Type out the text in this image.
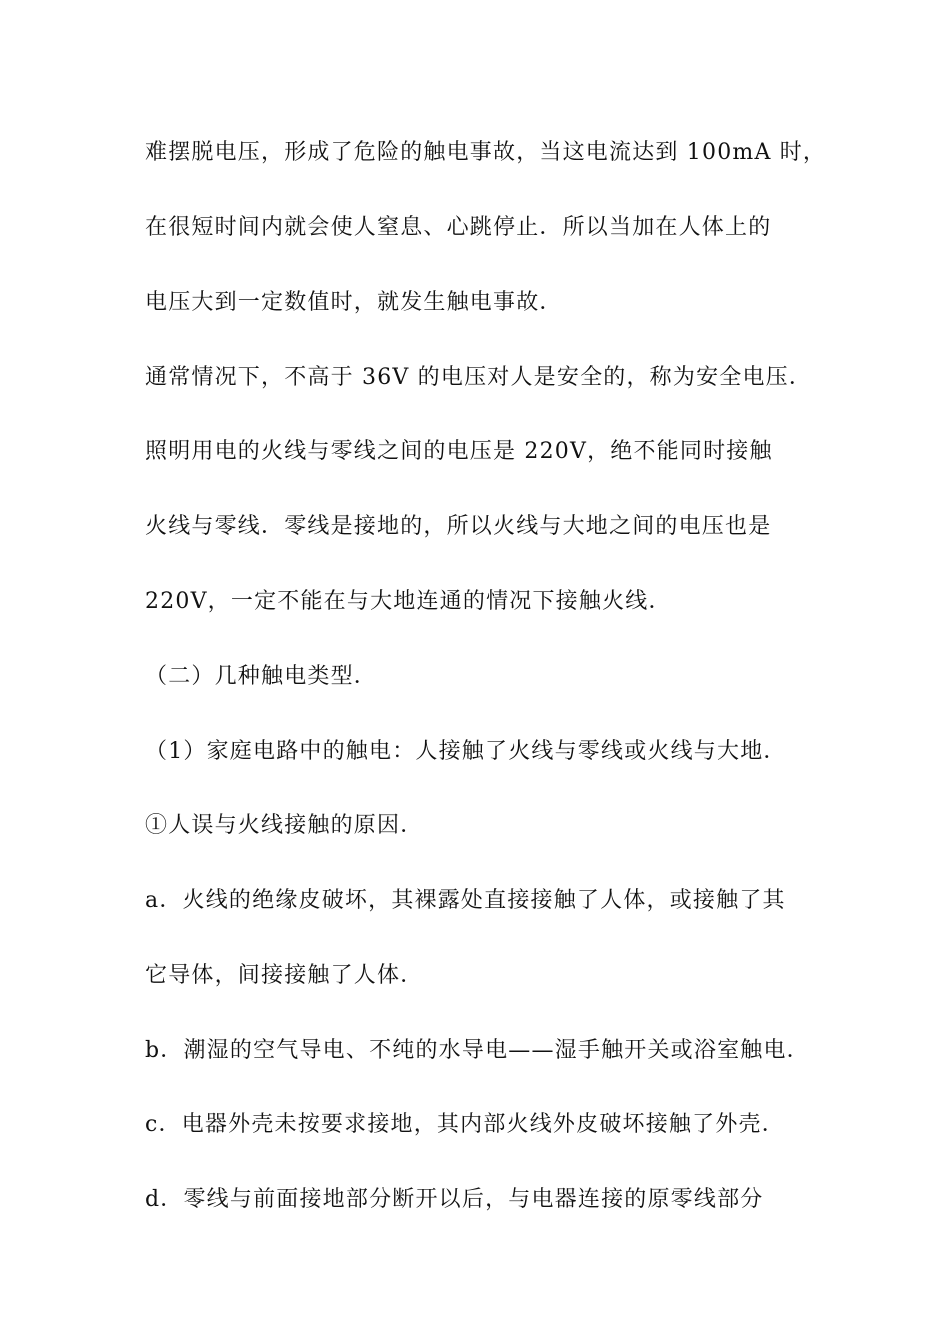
难摆脱电压，形成了危险的触电事故，当这电流达到 100mA 时，
在很短时间内就会使人窒息、心跳停止．所以当加在人体上的
电压大到一定数值时，就发生触电事故．
通常情况下，不高于 36V 的电压对人是安全的，称为安全电压．
照明用电的火线与零线之间的电压是 220V，绝不能同时接触
火线与零线．零线是接地的，所以火线与大地之间的电压也是
220V，一定不能在与大地连通的情况下接触火线．
（二）几种触电类型．
（1）家庭电路中的触电：人接触了火线与零线或火线与大地．
①人误与火线接触的原因．
a．火线的绝缘皮破坏，其裸露处直接接触了人体，或接触了其
它导体，间接接触了人体．
b．潮湿的空气导电、不纯的水导电——湿手触开关或浴室触电．
c．电器外壳未按要求接地，其内部火线外皮破坏接触了外壳．
d．零线与前面接地部分断开以后，与电器连接的原零线部分
